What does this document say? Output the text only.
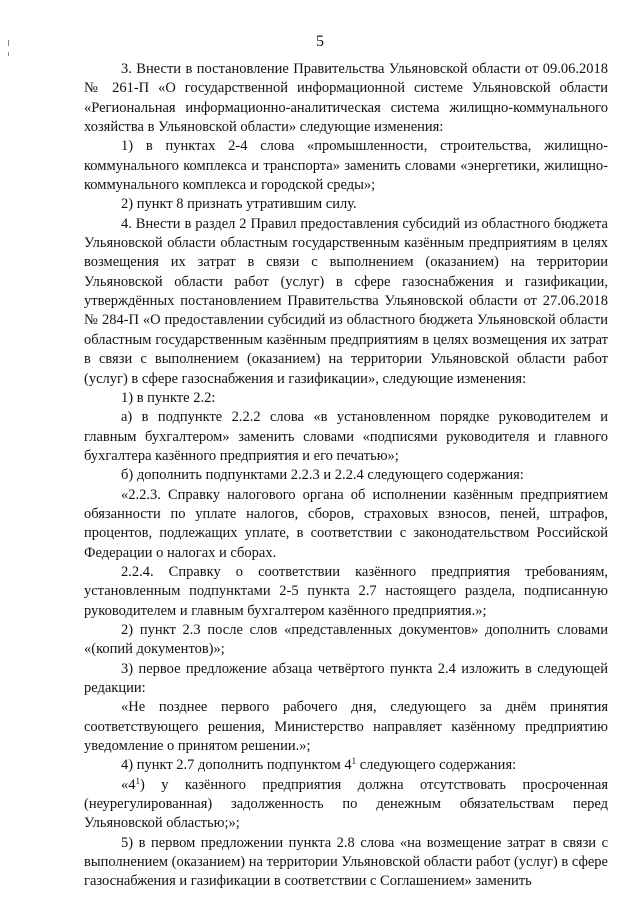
5

3. Внести в постановление Правительства Ульяновской области от 09.06.2018 № 261-П «О государственной информационной системе Ульяновской области «Региональная информационно-аналитическая система жилищно-коммунального хозяйства в Ульяновской области» следующие изменения:

1) в пунктах 2-4 слова «промышленности, строительства, жилищно-коммунального комплекса и транспорта» заменить словами «энергетики, жилищно-коммунального комплекса и городской среды»;

2) пункт 8 признать утратившим силу.

4. Внести в раздел 2 Правил предоставления субсидий из областного бюджета Ульяновской области областным государственным казённым предприятиям в целях возмещения их затрат в связи с выполнением (оказанием) на территории Ульяновской области работ (услуг) в сфере газоснабжения и газификации, утверждённых постановлением Правительства Ульяновской области от 27.06.2018 № 284-П «О предоставлении субсидий из областного бюджета Ульяновской области областным государственным казённым предприятиям в целях возмещения их затрат в связи с выполнением (оказанием) на территории Ульяновской области работ (услуг) в сфере газоснабжения и газификации», следующие изменения:

1) в пункте 2.2:

а) в подпункте 2.2.2 слова «в установленном порядке руководителем и главным бухгалтером» заменить словами «подписями руководителя и главного бухгалтера казённого предприятия и его печатью»;

б) дополнить подпунктами 2.2.3 и 2.2.4 следующего содержания:

«2.2.3. Справку налогового органа об исполнении казённым предприятием обязанности по уплате налогов, сборов, страховых взносов, пеней, штрафов, процентов, подлежащих уплате, в соответствии с законодательством Российской Федерации о налогах и сборах.

2.2.4. Справку о соответствии казённого предприятия требованиям, установленным подпунктами 2-5 пункта 2.7 настоящего раздела, подписанную руководителем и главным бухгалтером казённого предприятия.»;

2) пункт 2.3 после слов «представленных документов» дополнить словами «(копий документов)»;

3) первое предложение абзаца четвёртого пункта 2.4 изложить в следующей редакции:

«Не позднее первого рабочего дня, следующего за днём принятия соответствующего решения, Министерство направляет казённому предприятию уведомление о принятом решении.»;

4) пункт 2.7 дополнить подпунктом $4^1$ следующего содержания:

«$4^1$) у казённого предприятия должна отсутствовать просроченная (неурегулированная) задолженность по денежным обязательствам перед Ульяновской областью;»;

5) в первом предложении пункта 2.8 слова «на возмещение затрат в связи с выполнением (оказанием) на территории Ульяновской области работ (услуг) в сфере газоснабжения и газификации в соответствии с Соглашением» заменить
